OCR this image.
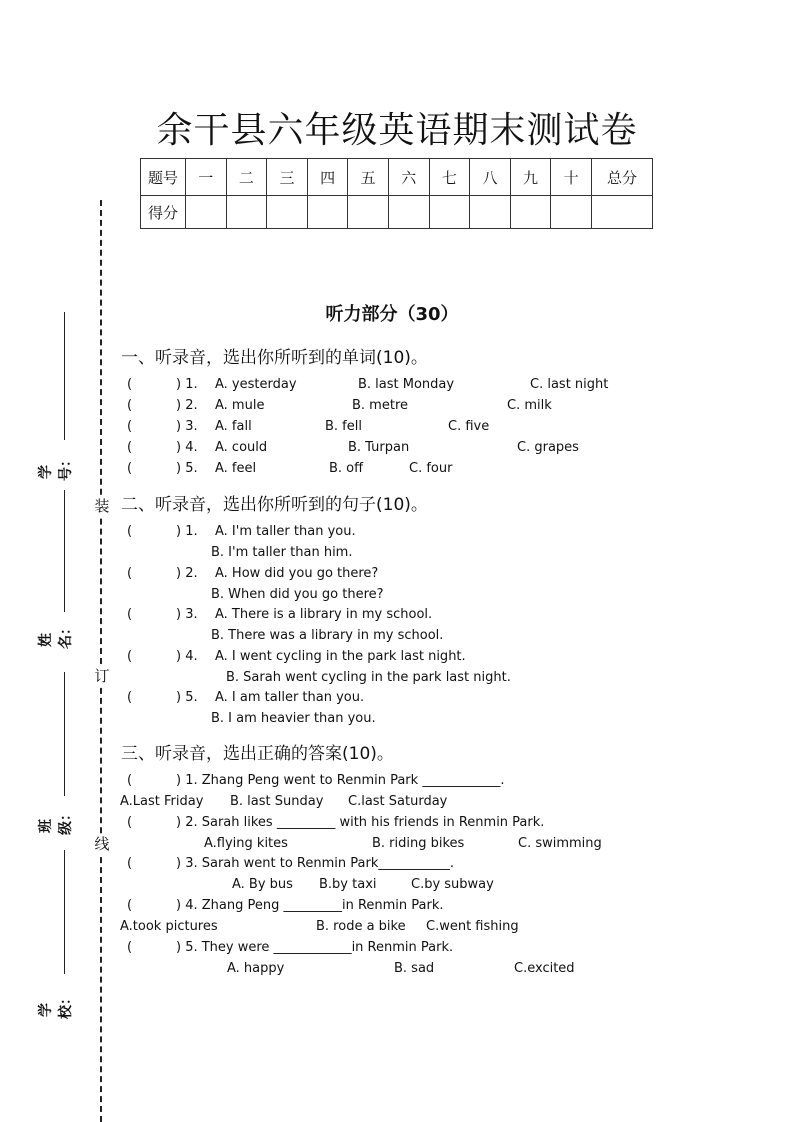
余干县六年级英语期末测试卷
题号	一	二	三	四	五	六	七	八	九	十	总分
得分											
装
订
线
学号：
姓名：
班级：
学校：
听力部分（30）
一、听录音，选出你所听到的单词(10)。
(	) 1. A. yesterday	B. last Monday	C. last night
(	) 2. A. mule	B. metre	C. milk
(	) 3. A. fall	B. fell	C. five
(	) 4. A. could	B. Turpan	C. grapes
(	) 5. A. feel	B. off	C. four
二、听录音，选出你所听到的句子(10)。
(	) 1. A. I'm taller than you.
B. I'm taller than him.
(	) 2. A. How did you go there?
B. When did you go there?
(	) 3. A. There is a library in my school.
B. There was a library in my school.
(	) 4. A. I went cycling in the park last night.
B. Sarah went cycling in the park last night.
(	) 5. A. I am taller than you.
B. I am heavier than you.
三、听录音，选出正确的答案(10)。
(	) 1. Zhang Peng went to Renmin Park ____________.
A.Last Friday B. last Sunday C.last Saturday
(	) 2. Sarah likes _________ with his friends in Renmin Park.
A.flying kites	B. riding bikes	C. swimming
(	) 3. Sarah went to Renmin Park___________.
A. By bus B.by taxi	C.by subway
(	) 4. Zhang Peng _________in Renmin Park.
A.took pictures	B. rode a bike C.went fishing
(	) 5. They were ____________in Renmin Park.
A. happy	B. sad	C.excited
